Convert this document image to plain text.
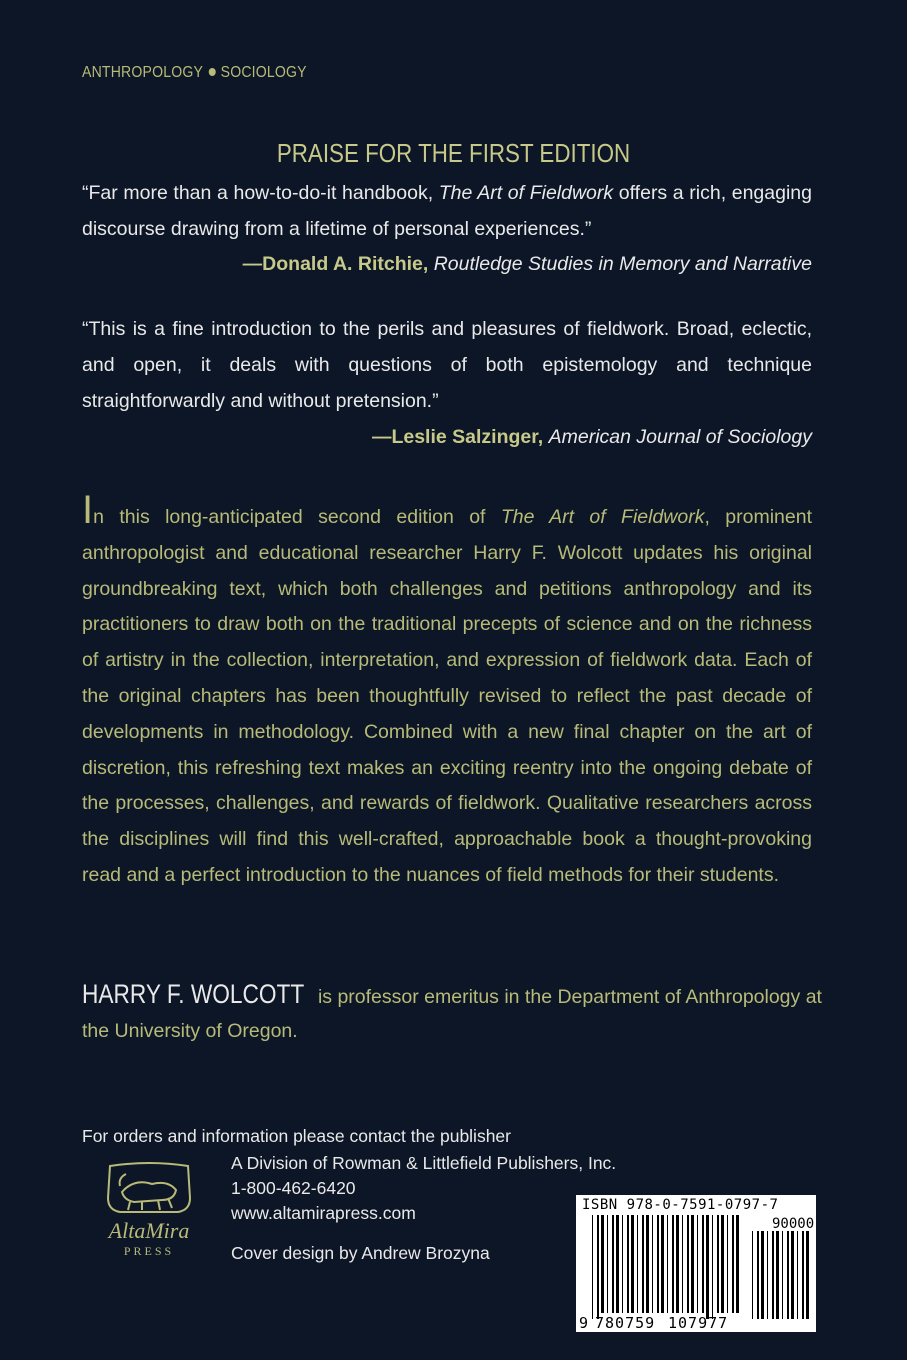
ANTHROPOLOGY SOCIOLOGY
PRAISE FOR THE FIRST EDITION
“Far more than a how-to-do-it handbook, The Art of Fieldwork offers a rich, engaging discourse drawing from a lifetime of personal experiences.”
—Donald A. Ritchie, Routledge Studies in Memory and Narrative
“This is a fine introduction to the perils and pleasures of fieldwork. Broad, eclectic, and open, it deals with questions of both epistemology and technique straightforwardly and without pretension.”
—Leslie Salzinger, American Journal of Sociology
In this long-anticipated second edition of The Art of Fieldwork, prominent anthropologist and educational researcher Harry F. Wolcott updates his original groundbreaking text, which both challenges and petitions anthropology and its practitioners to draw both on the traditional precepts of science and on the richness of artistry in the collection, interpretation, and expression of fieldwork data. Each of the original chapters has been thoughtfully revised to reflect the past decade of developments in methodology. Combined with a new final chapter on the art of discretion, this refreshing text makes an exciting reentry into the ongoing debate of the processes, challenges, and rewards of fieldwork. Qualitative researchers across the disciplines will find this well-crafted, approachable book a thought-provoking read and a perfect introduction to the nuances of field methods for their students.
HARRY F. WOLCOTT is professor emeritus in the Department of Anthropology at the University of Oregon.
For orders and information please contact the publisher
A Division of Rowman & Littlefield Publishers, Inc.
1-800-462-6420
www.altamirapress.com
Cover design by Andrew Brozyna
AltaMira
PRESS
ISBN 978-0-7591-0797-7
90000
9 780759 107977
